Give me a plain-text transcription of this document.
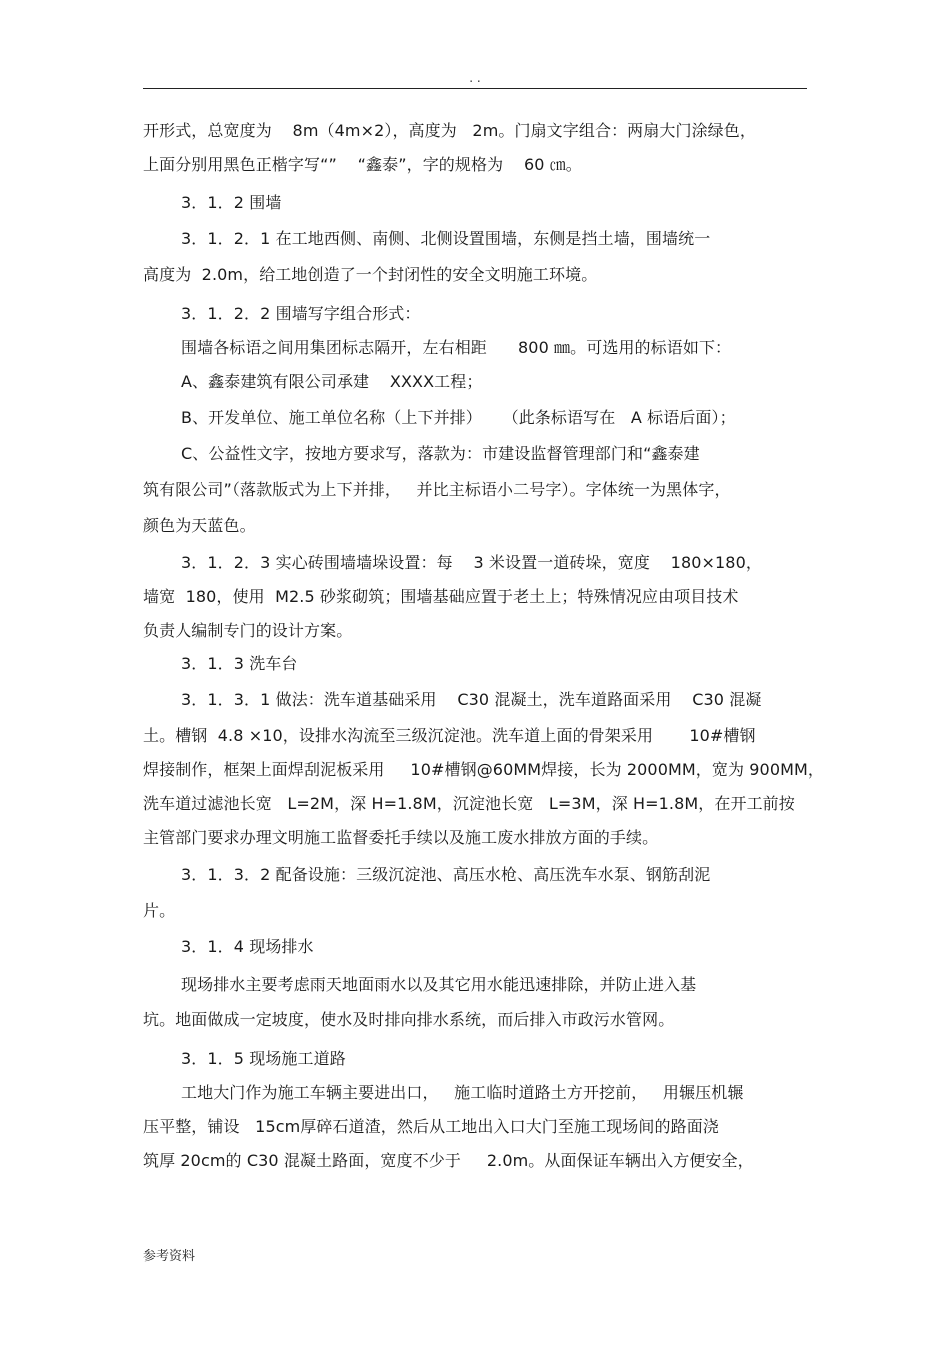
. .
开形式，总宽度为    8m（4m×2），高度为   2m。门扇文字组合：两扇大门涂绿色，
上面分别用黑色正楷字写“”    “鑫泰”，字的规格为    60 ㎝。
3．1．2 围墙
3．1．2．1 在工地西侧、南侧、北侧设置围墙，东侧是挡土墙，围墙统一
高度为  2.0m，给工地创造了一个封闭性的安全文明施工环境。
3．1．2．2 围墙写字组合形式：
围墙各标语之间用集团标志隔开，左右相距      800 ㎜。可选用的标语如下：
A、鑫泰建筑有限公司承建    XXXX工程；
B、开发单位、施工单位名称（上下并排）    （此条标语写在   A 标语后面）；
C、公益性文字，按地方要求写，落款为：市建设监督管理部门和“鑫泰建
筑有限公司”（落款版式为上下并排，   并比主标语小二号字）。字体统一为黑体字，
颜色为天蓝色。
3．1．2．3 实心砖围墙墙垛设置：每    3 米设置一道砖垛，宽度    180×180，
墙宽  180，使用  M2.5 砂浆砌筑；围墙基础应置于老土上；特殊情况应由项目技术
负责人编制专门的设计方案。
3．1．3 洗车台
3．1．3．1 做法：洗车道基础采用    C30 混凝土，洗车道路面采用    C30 混凝
土。槽钢  4.8 ×10，设排水沟流至三级沉淀池。洗车道上面的骨架采用       10#槽钢
焊接制作，框架上面焊刮泥板采用     10#槽钢@60MM焊接，长为 2000MM，宽为 900MM，
洗车道过滤池长宽   L=2M，深 H=1.8M，沉淀池长宽   L=3M，深 H=1.8M，在开工前按
主管部门要求办理文明施工监督委托手续以及施工废水排放方面的手续。
3．1．3．2 配备设施：三级沉淀池、高压水枪、高压洗车水泵、钢筋刮泥
片。
3．1．4 现场排水
现场排水主要考虑雨天地面雨水以及其它用水能迅速排除，并防止进入基
坑。地面做成一定坡度，使水及时排向排水系统，而后排入市政污水管网。
3．1．5 现场施工道路
工地大门作为施工车辆主要进出口，   施工临时道路土方开挖前，   用辗压机辗
压平整，铺设   15cm厚碎石道渣，然后从工地出入口大门至施工现场间的路面浇
筑厚 20cm的 C30 混凝土路面，宽度不少于     2.0m。从面保证车辆出入方便安全，
参考资料
